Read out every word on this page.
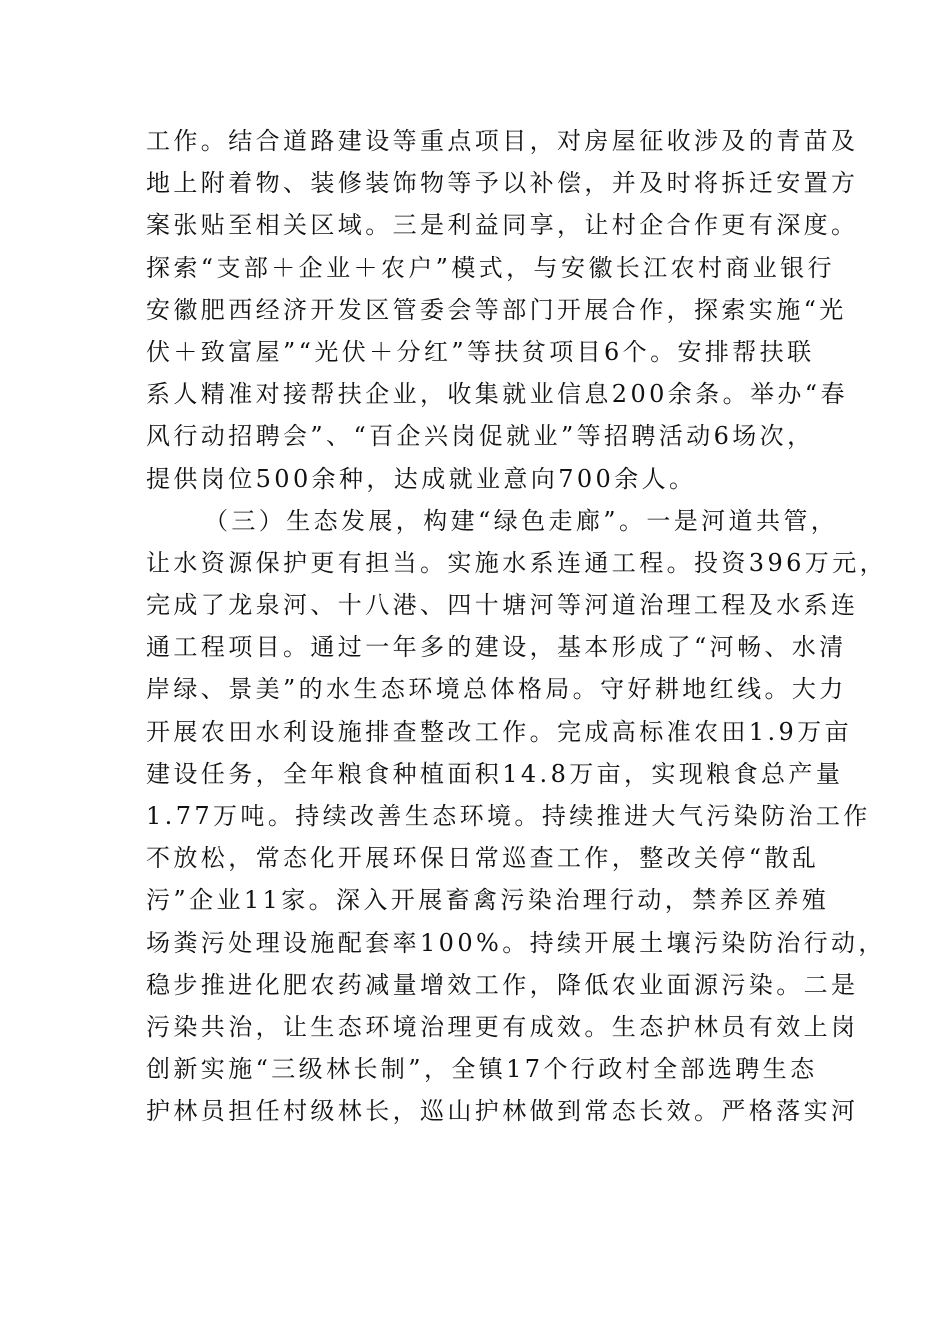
工作。结合道路建设等重点项目，对房屋征收涉及的青苗及
地上附着物、装修装饰物等予以补偿，并及时将拆迁安置方
案张贴至相关区域。三是利益同享，让村企合作更有深度。
探索“支部＋企业＋农户”模式，与安徽长江农村商业银行
安徽肥西经济开发区管委会等部门开展合作，探索实施“光
伏＋致富屋”“光伏＋分红”等扶贫项目6个。安排帮扶联
系人精准对接帮扶企业，收集就业信息200余条。举办“春
风行动招聘会”、“百企兴岗促就业”等招聘活动6场次，
提供岗位500余种，达成就业意向700余人。
（三）生态发展，构建“绿色走廊”。一是河道共管，
让水资源保护更有担当。实施水系连通工程。投资396万元，
完成了龙泉河、十八港、四十塘河等河道治理工程及水系连
通工程项目。通过一年多的建设，基本形成了“河畅、水清
岸绿、景美”的水生态环境总体格局。守好耕地红线。大力
开展农田水利设施排查整改工作。完成高标准农田1.9万亩
建设任务，全年粮食种植面积14.8万亩，实现粮食总产量
1.77万吨。持续改善生态环境。持续推进大气污染防治工作
不放松，常态化开展环保日常巡查工作，整改关停“散乱
污”企业11家。深入开展畜禽污染治理行动，禁养区养殖
场粪污处理设施配套率100%。持续开展土壤污染防治行动，
稳步推进化肥农药减量增效工作，降低农业面源污染。二是
污染共治，让生态环境治理更有成效。生态护林员有效上岗
创新实施“三级林长制”，全镇17个行政村全部选聘生态
护林员担任村级林长，巡山护林做到常态长效。严格落实河
